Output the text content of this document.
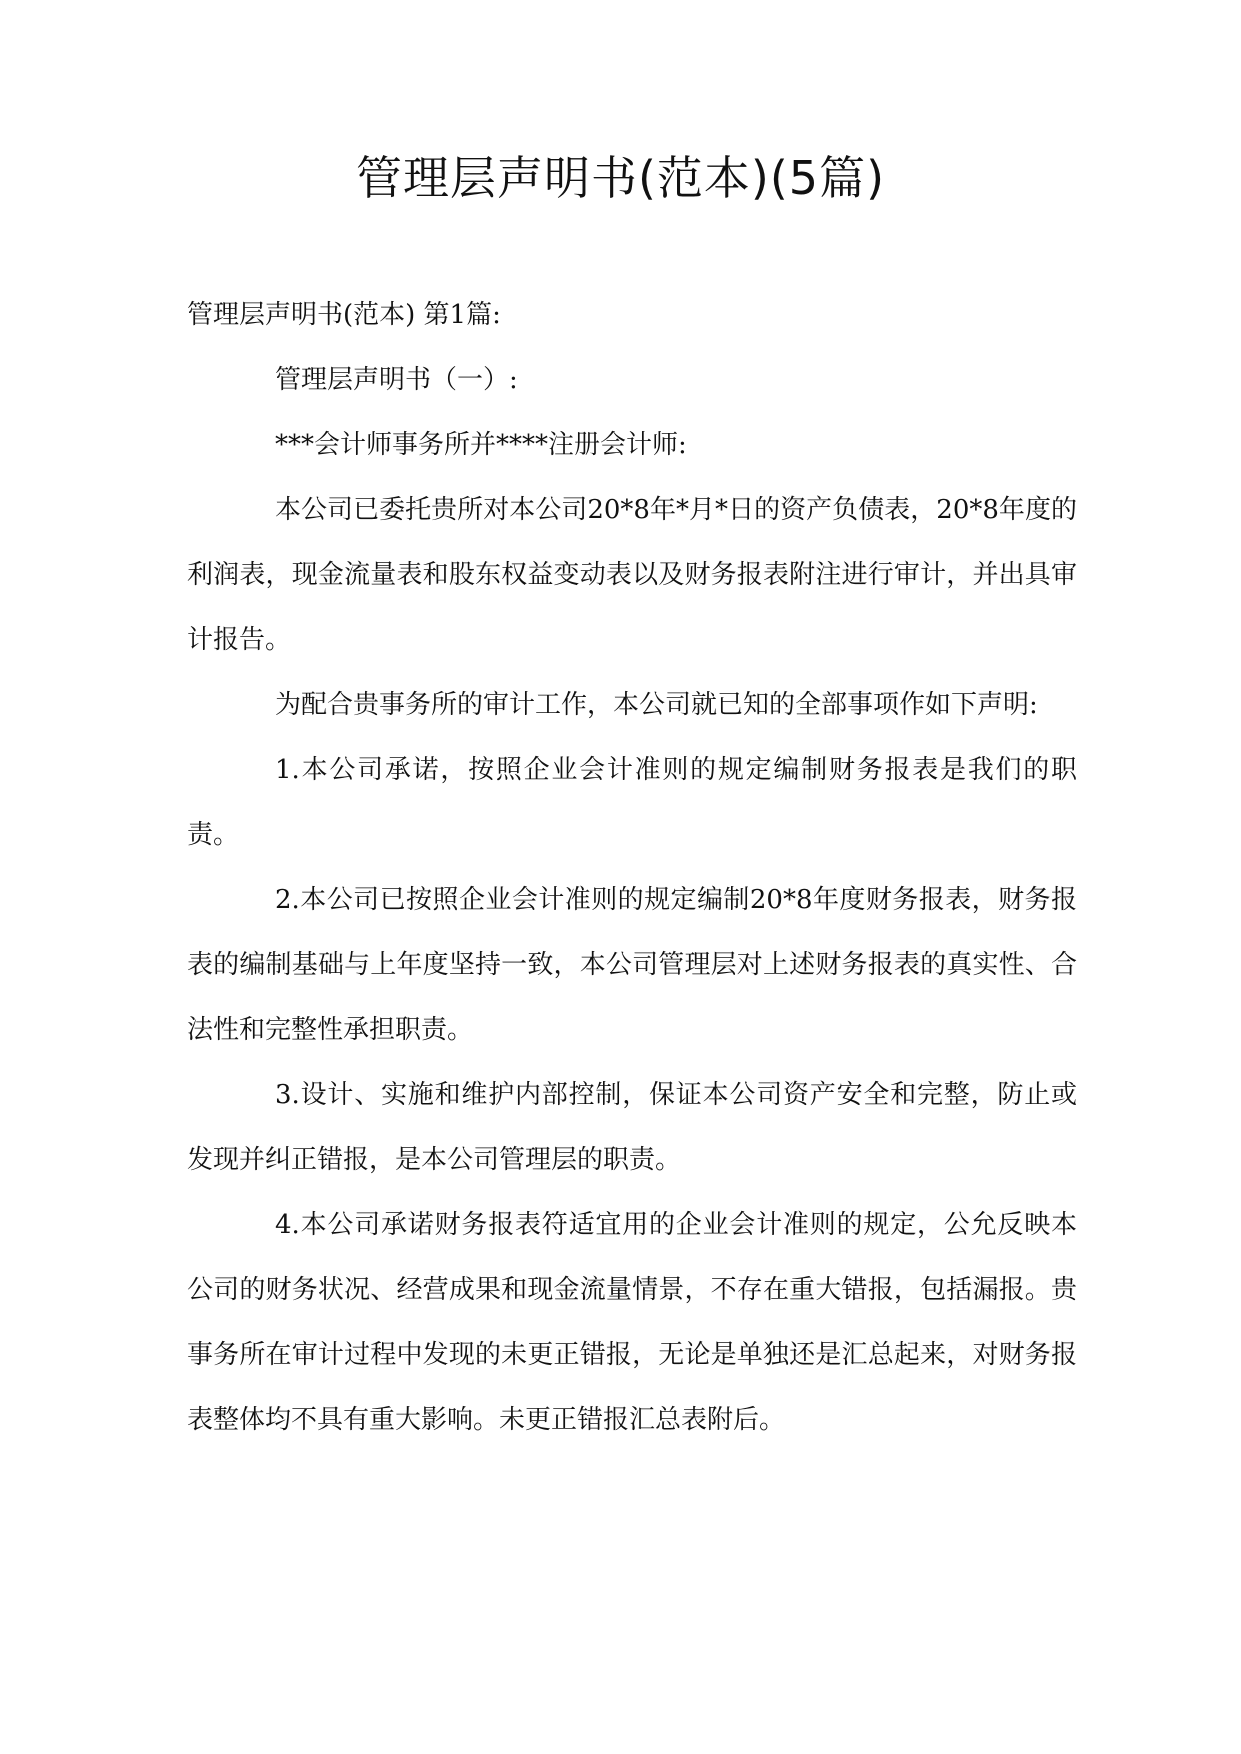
管理层声明书(范本)(5篇)

管理层声明书(范本) 第1篇:

管理层声明书（一）:

***会计师事务所并****注册会计师:

本公司已委托贵所对本公司20*8年*月*日的资产负债表，20*8年度的利润表，现金流量表和股东权益变动表以及财务报表附注进行审计，并出具审计报告。

为配合贵事务所的审计工作，本公司就已知的全部事项作如下声明:

1.本公司承诺，按照企业会计准则的规定编制财务报表是我们的职责。

2.本公司已按照企业会计准则的规定编制20*8年度财务报表，财务报表的编制基础与上年度坚持一致，本公司管理层对上述财务报表的真实性、合法性和完整性承担职责。

3.设计、实施和维护内部控制，保证本公司资产安全和完整，防止或发现并纠正错报，是本公司管理层的职责。

4.本公司承诺财务报表符适宜用的企业会计准则的规定，公允反映本公司的财务状况、经营成果和现金流量情景，不存在重大错报，包括漏报。贵事务所在审计过程中发现的未更正错报，无论是单独还是汇总起来，对财务报表整体均不具有重大影响。未更正错报汇总表附后。
